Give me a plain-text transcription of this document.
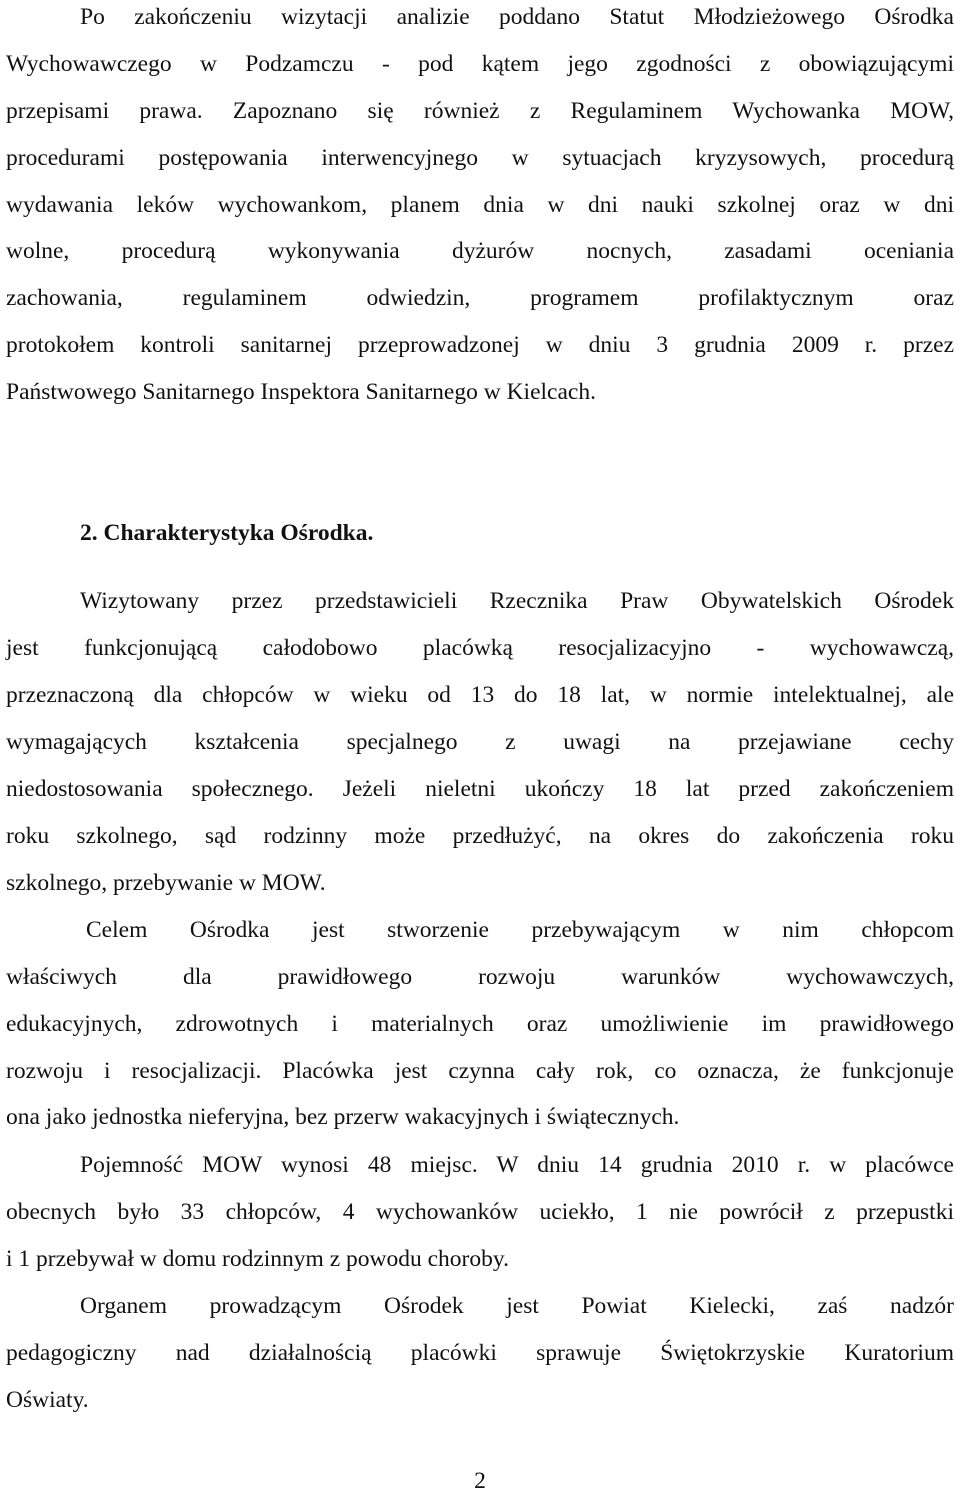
Po zakończeniu wizytacji analizie poddano Statut Młodzieżowego Ośrodka
Wychowawczego w Podzamczu - pod kątem jego zgodności z obowiązującymi
przepisami prawa. Zapoznano się również z Regulaminem Wychowanka MOW,
procedurami postępowania interwencyjnego w sytuacjach kryzysowych, procedurą
wydawania leków wychowankom, planem dnia w dni nauki szkolnej oraz w dni
wolne, procedurą wykonywania dyżurów nocnych, zasadami oceniania
zachowania, regulaminem odwiedzin, programem profilaktycznym oraz
protokołem kontroli sanitarnej przeprowadzonej w dniu 3 grudnia 2009 r. przez
Państwowego Sanitarnego Inspektora Sanitarnego w Kielcach.
2. Charakterystyka Ośrodka.
Wizytowany przez przedstawicieli Rzecznika Praw Obywatelskich Ośrodek
jest funkcjonującą całodobowo placówką resocjalizacyjno - wychowawczą,
przeznaczoną dla chłopców w wieku od 13 do 18 lat, w normie intelektualnej, ale
wymagających kształcenia specjalnego z uwagi na przejawiane cechy
niedostosowania społecznego. Jeżeli nieletni ukończy 18 lat przed zakończeniem
roku szkolnego, sąd rodzinny może przedłużyć, na okres do zakończenia roku
szkolnego, przebywanie w MOW.
Celem Ośrodka jest stworzenie przebywającym w nim chłopcom
właściwych dla prawidłowego rozwoju warunków wychowawczych,
edukacyjnych, zdrowotnych i materialnych oraz umożliwienie im prawidłowego
rozwoju i resocjalizacji. Placówka jest czynna cały rok, co oznacza, że funkcjonuje
ona jako jednostka nieferyjna, bez przerw wakacyjnych i świątecznych.
Pojemność MOW wynosi 48 miejsc. W dniu 14 grudnia 2010 r. w placówce
obecnych było 33 chłopców, 4 wychowanków uciekło, 1 nie powrócił z przepustki
i 1 przebywał w domu rodzinnym z powodu choroby.
Organem prowadzącym Ośrodek jest Powiat Kielecki, zaś nadzór
pedagogiczny nad działalnością placówki sprawuje Świętokrzyskie Kuratorium
Oświaty.
2
